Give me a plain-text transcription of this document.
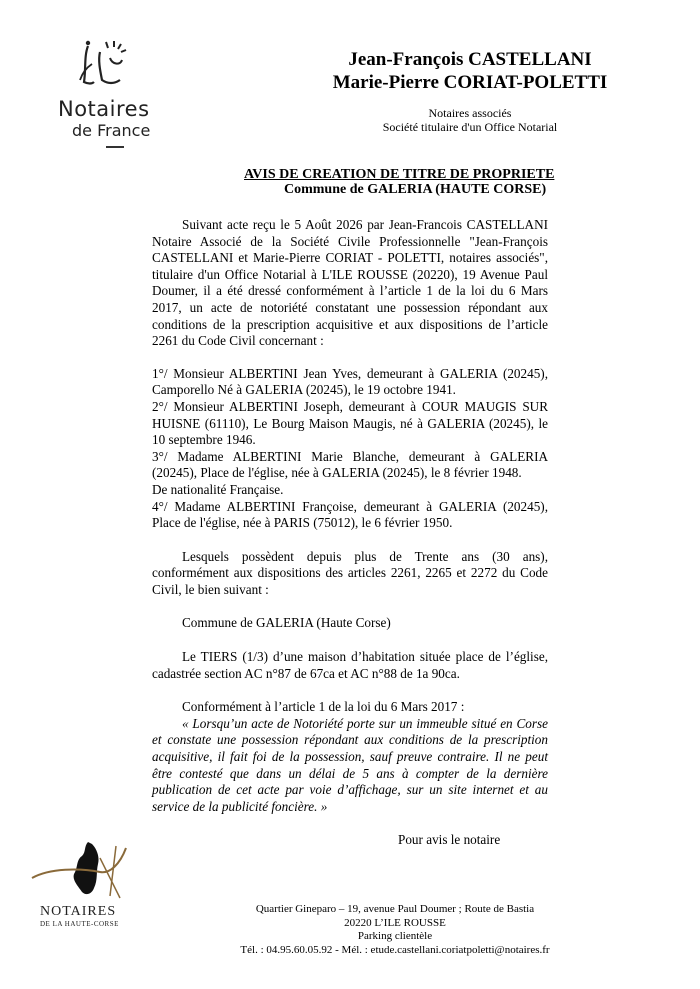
Notaires
de France
Jean-François CASTELLANI
Marie-Pierre CORIAT-POLETTI
Notaires associés
Société titulaire d'un Office Notarial
AVIS DE CREATION DE TITRE DE PROPRIETE
Commune de GALERIA (HAUTE CORSE)

Suivant acte reçu le 5 Août 2026 par Jean-Francois CASTELLANI Notaire Associé de la Société Civile Professionnelle "Jean-François CASTELLANI et Marie-Pierre CORIAT - POLETTI, notaires associés", titulaire d'un Office Notarial à L'ILE ROUSSE (20220), 19 Avenue Paul Doumer, il a été dressé conformément à l’article 1 de la loi du 6 Mars 2017, un acte de notoriété constatant une possession répondant aux conditions de la prescription acquisitive et aux dispositions de l’article 2261 du Code Civil concernant :

1°/ Monsieur ALBERTINI Jean Yves, demeurant à GALERIA (20245), Camporello Né à GALERIA (20245), le 19 octobre 1941.

2°/ Monsieur ALBERTINI Joseph, demeurant à COUR MAUGIS SUR HUISNE (61110), Le Bourg Maison Maugis, né à GALERIA (20245), le 10 septembre 1946.

3°/ Madame ALBERTINI Marie Blanche, demeurant à GALERIA (20245), Place de l'église, née à GALERIA (20245), le 8 février 1948.

De nationalité Française.

4°/ Madame ALBERTINI Françoise, demeurant à GALERIA (20245), Place de l'église, née à PARIS (75012), le 6 février 1950.

Lesquels possèdent depuis plus de Trente ans (30 ans), conformément aux dispositions des articles 2261, 2265 et 2272 du Code Civil, le bien suivant :

Commune de GALERIA (Haute Corse)

Le TIERS (1/3) d’une maison d’habitation située place de l’église, cadastrée section AC n°87 de 67ca et AC n°88 de 1a 90ca.

Conformément à l’article 1 de la loi du 6 Mars 2017 :

« Lorsqu’un acte de Notoriété porte sur un immeuble situé en Corse et constate une possession répondant aux conditions de la prescription acquisitive, il fait foi de la possession, sauf preuve contraire. Il ne peut être contesté que dans un délai de 5 ans à compter de la dernière publication de cet acte par voie d’affichage, sur un site internet et au service de la publicité foncière. »

Pour avis le notaire

NOTAIRES
DE LA HAUTE-CORSE
Quartier Gineparo – 19, avenue Paul Doumer ; Route de Bastia
20220 L’ILE ROUSSE
Parking clientèle
Tél. : 04.95.60.05.92 - Mél. : etude.castellani.coriatpoletti@notaires.fr
